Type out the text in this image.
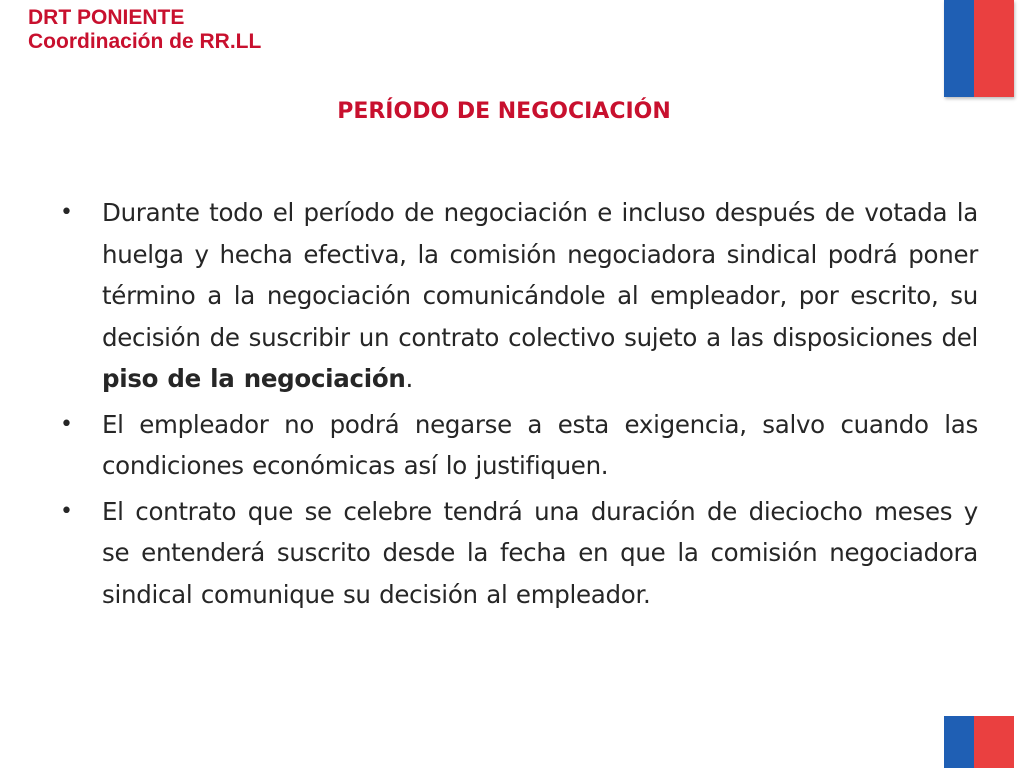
DRT PONIENTE
Coordinación de RR.LL
PERÍODO DE NEGOCIACIÓN
• Durante todo el período de negociación e incluso después de votada la huelga y hecha efectiva, la comisión negociadora sindical podrá poner término a la negociación comunicándole al empleador, por escrito, su decisión de suscribir un contrato colectivo sujeto a las disposiciones del piso de la negociación.
• El empleador no podrá negarse a esta exigencia, salvo cuando las condiciones económicas así lo justifiquen.
• El contrato que se celebre tendrá una duración de dieciocho meses y se entenderá suscrito desde la fecha en que la comisión negociadora sindical comunique su decisión al empleador.
